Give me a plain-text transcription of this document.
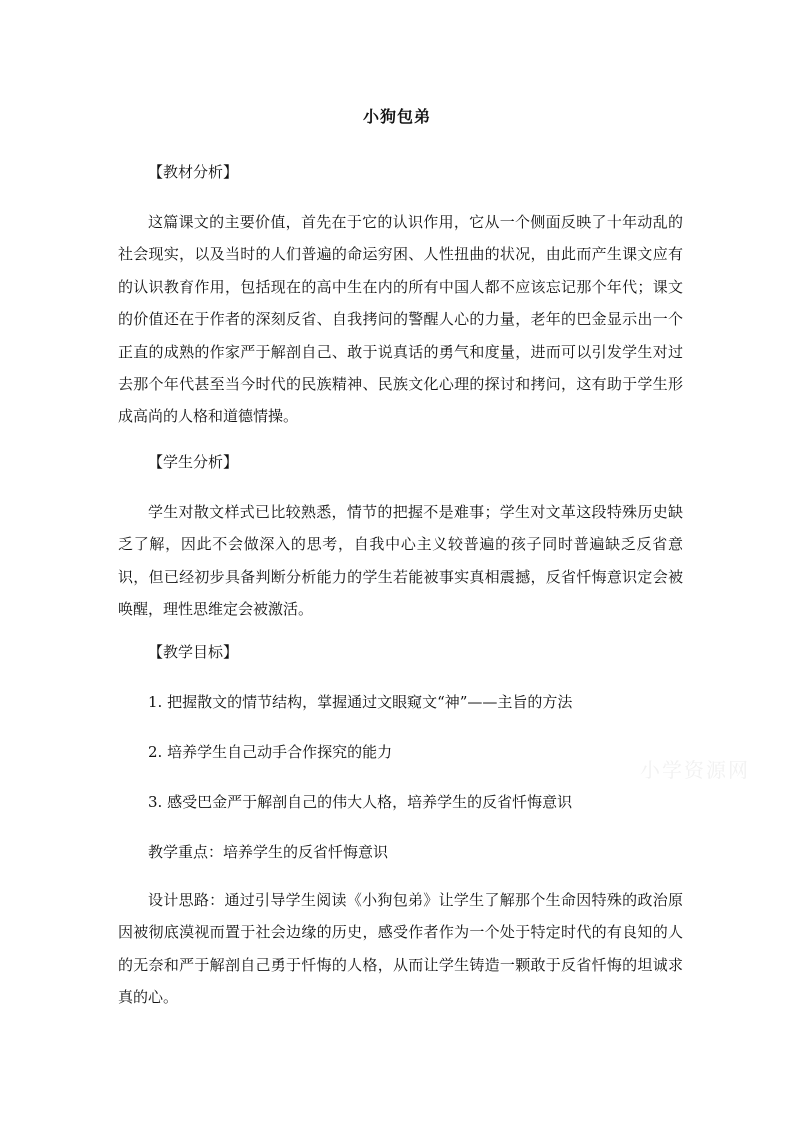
小狗包弟
【教材分析】
这篇课文的主要价值，首先在于它的认识作用，它从一个侧面反映了十年动乱的社会现实，以及当时的人们普遍的命运穷困、人性扭曲的状况，由此而产生课文应有的认识教育作用，包括现在的高中生在内的所有中国人都不应该忘记那个年代；课文的价值还在于作者的深刻反省、自我拷问的警醒人心的力量，老年的巴金显示出一个正直的成熟的作家严于解剖自己、敢于说真话的勇气和度量，进而可以引发学生对过去那个年代甚至当今时代的民族精神、民族文化心理的探讨和拷问，这有助于学生形成高尚的人格和道德情操。
【学生分析】
学生对散文样式已比较熟悉，情节的把握不是难事；学生对文革这段特殊历史缺乏了解，因此不会做深入的思考，自我中心主义较普遍的孩子同时普遍缺乏反省意识，但已经初步具备判断分析能力的学生若能被事实真相震撼，反省忏悔意识定会被唤醒，理性思维定会被激活。
【教学目标】
1. 把握散文的情节结构，掌握通过文眼窥文“神”——主旨的方法
2. 培养学生自己动手合作探究的能力
3. 感受巴金严于解剖自己的伟大人格，培养学生的反省忏悔意识
教学重点：培养学生的反省忏悔意识
设计思路：通过引导学生阅读《小狗包弟》让学生了解那个生命因特殊的政治原因被彻底漠视而置于社会边缘的历史，感受作者作为一个处于特定时代的有良知的人的无奈和严于解剖自己勇于忏悔的人格，从而让学生铸造一颗敢于反省忏悔的坦诚求真的心。
小学资源网
